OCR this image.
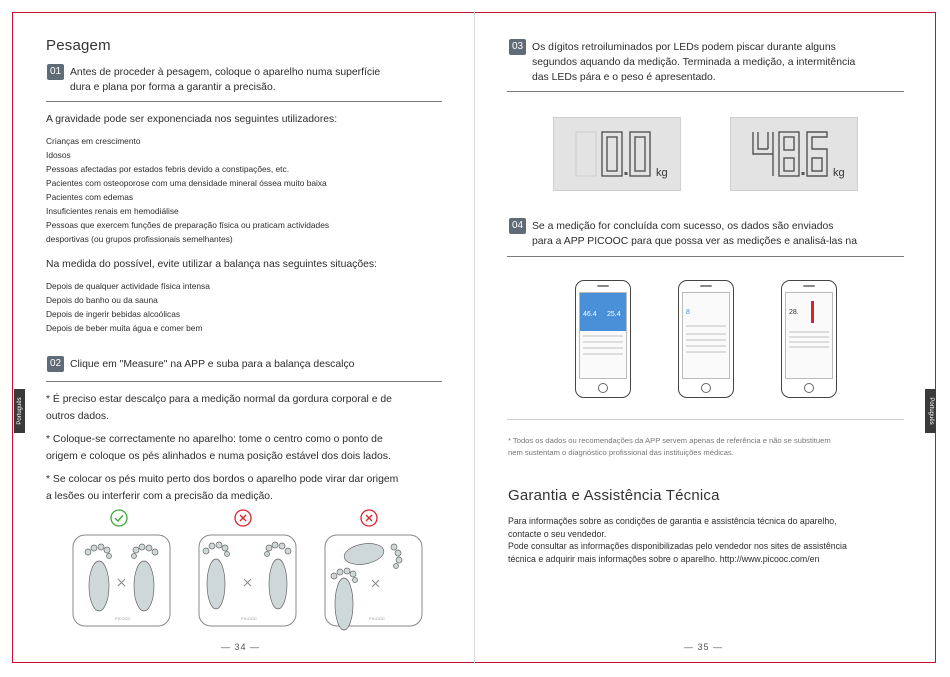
Português
Pesagem
01 Antes de proceder à pesagem, coloque o aparelho numa superfície
dura e plana por forma a garantir a precisão.
A gravidade pode ser exponenciada nos seguintes utilizadores:
Crianças em crescimento
Idosos
Pessoas afectadas por estados febris devido a constipações, etc.
Pacientes com osteoporose com uma densidade mineral óssea muito baixa
Pacientes com edemas
Insuficientes renais em hemodiálise
Pessoas que exercem funções de preparação física ou praticam actividades
desportivas (ou grupos profissionais semelhantes)
Na medida do possível, evite utilizar a balança nas seguintes situações:
Depois de qualquer actividade física intensa
Depois do banho ou da sauna
Depois de ingerir bebidas alcoólicas
Depois de beber muita água e comer bem
02 Clique em "Measure" na APP e suba para a balança descalço

* É preciso estar descalço para a medição normal da gordura corporal e de

outros dados.

* Coloque-se correctamente no aparelho: tome o centro como o ponto de

origem e coloque os pés alinhados e numa posição estável dos dois lados.

* Se colocar os pés muito perto dos bordos o aparelho pode virar dar origem

a lesões ou interferir com a precisão da medição.

PICOOC	PICOOC	PICOOC
— 34 —
Português
03 Os dígitos retroiluminados por LEDs podem piscar durante alguns
segundos aquando da medição. Terminada a medição, a intermitência
das LEDs pára e o peso é apresentado.
kg	kg
04 Se a medição for concluída com sucesso, os dados são enviados
para a APP PICOOC para que possa ver as medições e analisá-las na
46.4 25.4	8	28.

* Todos os dados ou recomendações da APP servem apenas de referência e não se substituem

nem sustentam o diagnóstico profissional das instituições médicas.

Garantia e Assistência Técnica

Para informações sobre as condições de garantia e assistência técnica do aparelho,

contacte o seu vendedor.

Pode consultar as informações disponibilizadas pelo vendedor nos sites de assistência

técnica e adquirir mais informações sobre o aparelho. http://www.picooc.com/en

— 35 —
